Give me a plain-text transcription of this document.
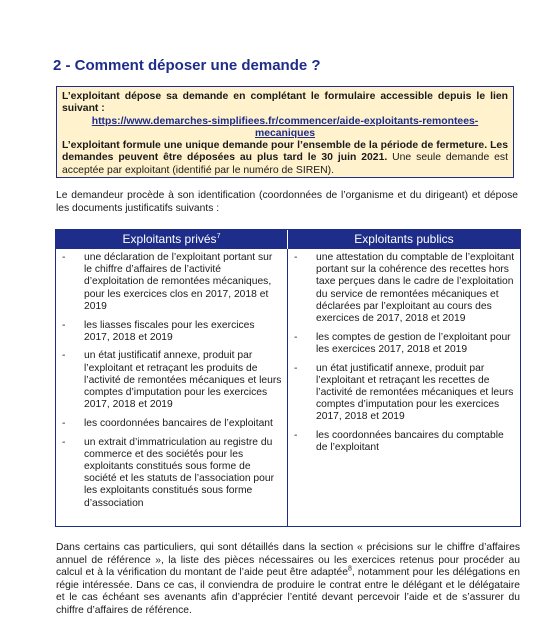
2 - Comment déposer une demande ?

L’exploitant dépose sa demande en complétant le formulaire accessible depuis le lien suivant :

https://www.demarches-simplifiees.fr/commencer/aide-exploitants-remontees-mecaniques

L’exploitant formule une unique demande pour l’ensemble de la période de fermeture. Les demandes peuvent être déposées au plus tard le 30 juin 2021. Une seule demande est acceptée par exploitant (identifié par le numéro de SIREN).

Le demandeur procède à son identification (coordonnées de l’organisme et du dirigeant) et dépose les documents justificatifs suivants :

Exploitants privés$^7$	Exploitants publics
- une déclaration de l’exploitant portant sur le chiffre d’affaires de l’activité d’exploitation de remontées mécaniques, pour les exercices clos en 2017, 2018 et 2019
- les liasses fiscales pour les exercices 2017, 2018 et 2019
- un état justificatif annexe, produit par l’exploitant et retraçant les produits de l’activité de remontées mécaniques et leurs comptes d’imputation pour les exercices 2017, 2018 et 2019
- les coordonnées bancaires de l’exploitant
- un extrait d’immatriculation au registre du commerce et des sociétés pour les exploitants constitués sous forme de société et les statuts de l’association pour les exploitants constitués sous forme d’association
- une attestation du comptable de l’exploitant portant sur la cohérence des recettes hors taxe perçues dans le cadre de l’exploitation du service de remontées mécaniques et déclarées par l’exploitant au cours des exercices de 2017, 2018 et 2019
- les comptes de gestion de l’exploitant pour les exercices 2017, 2018 et 2019
- un état justificatif annexe, produit par l’exploitant et retraçant les recettes de l’activité de remontées mécaniques et leurs comptes d’imputation pour les exercices 2017, 2018 et 2019
- les coordonnées bancaires du comptable de l’exploitant

Dans certains cas particuliers, qui sont détaillés dans la section « précisions sur le chiffre d’affaires annuel de référence », la liste des pièces nécessaires ou les exercices retenus pour procéder au calcul et à la vérification du montant de l’aide peut être adaptée$^8$, notamment pour les délégations en régie intéressée. Dans ce cas, il conviendra de produire le contrat entre le délégant et le délégataire et le cas échéant ses avenants afin d’apprécier l’entité devant percevoir l’aide et de s’assurer du chiffre d’affaires de référence.
